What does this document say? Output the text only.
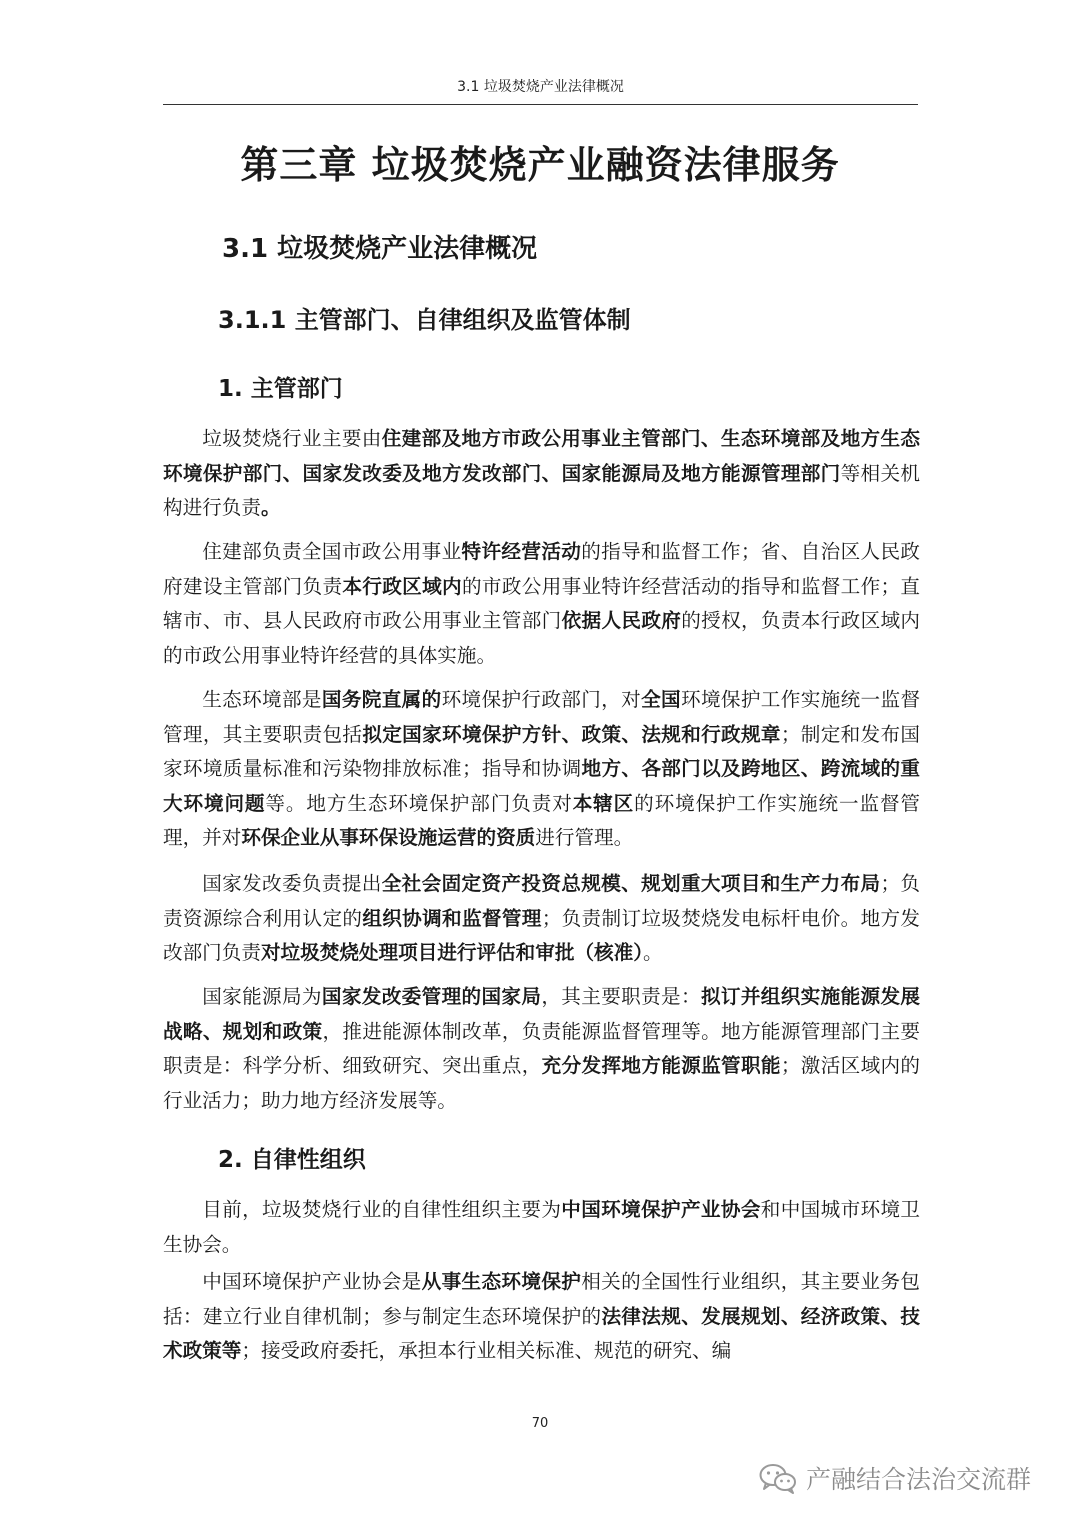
3.1 垃圾焚烧产业法律概况
第三章 垃圾焚烧产业融资法律服务
3.1 垃圾焚烧产业法律概况
3.1.1 主管部门、自律组织及监管体制
1. 主管部门

垃圾焚烧行业主要由住建部及地方市政公用事业主管部门、生态环境部及地方生态环境保护部门、国家发改委及地方发改部门、国家能源局及地方能源管理部门等相关机构进行负责。

住建部负责全国市政公用事业特许经营活动的指导和监督工作；省、自治区人民政府建设主管部门负责本行政区域内的市政公用事业特许经营活动的指导和监督工作；直辖市、市、县人民政府市政公用事业主管部门依据人民政府的授权，负责本行政区域内的市政公用事业特许经营的具体实施。

生态环境部是国务院直属的环境保护行政部门，对全国环境保护工作实施统一监督管理，其主要职责包括拟定国家环境保护方针、政策、法规和行政规章；制定和发布国家环境质量标准和污染物排放标准；指导和协调地方、各部门以及跨地区、跨流域的重大环境问题等。地方生态环境保护部门负责对本辖区的环境保护工作实施统一监督管理，并对环保企业从事环保设施运营的资质进行管理。

国家发改委负责提出全社会固定资产投资总规模、规划重大项目和生产力布局；负责资源综合利用认定的组织协调和监督管理；负责制订垃圾焚烧发电标杆电价。地方发改部门负责对垃圾焚烧处理项目进行评估和审批（核准）。

国家能源局为国家发改委管理的国家局，其主要职责是：拟订并组织实施能源发展战略、规划和政策，推进能源体制改革，负责能源监督管理等。地方能源管理部门主要职责是：科学分析、细致研究、突出重点，充分发挥地方能源监管职能；激活区域内的行业活力；助力地方经济发展等。

2. 自律性组织

目前，垃圾焚烧行业的自律性组织主要为中国环境保护产业协会和中国城市环境卫生协会。

中国环境保护产业协会是从事生态环境保护相关的全国性行业组织，其主要业务包括：建立行业自律机制；参与制定生态环境保护的法律法规、发展规划、经济政策、技术政策等；接受政府委托，承担本行业相关标准、规范的研究、编

70
产融结合法治交流群
